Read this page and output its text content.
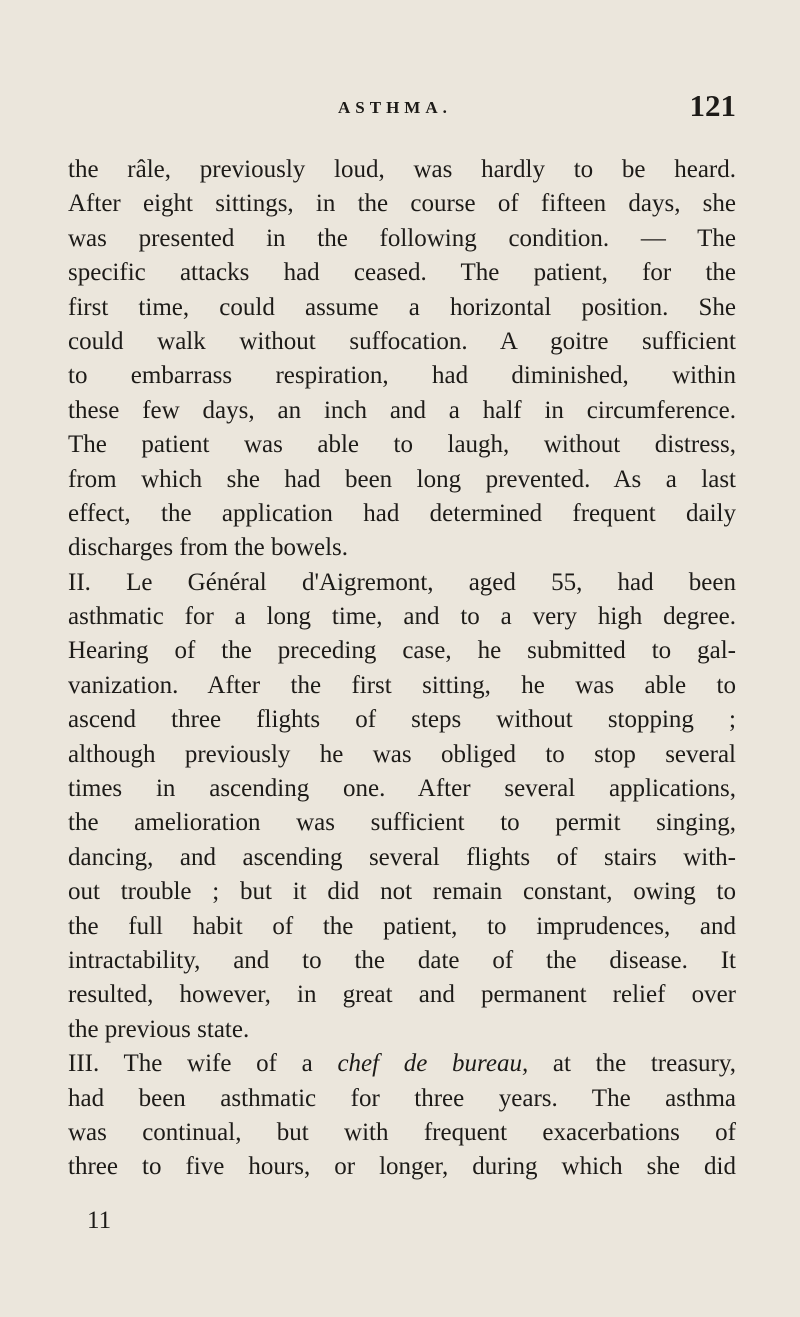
ASTHMA.	121
the râle, previously loud, was hardly to be heard.
After eight sittings, in the course of fifteen days, she
was presented in the following condition. — The
specific attacks had ceased. The patient, for the
first time, could assume a horizontal position. She
could walk without suffocation. A goitre sufficient
to embarrass respiration, had diminished, within
these few days, an inch and a half in circumference.
The patient was able to laugh, without distress,
from which she had been long prevented. As a last
effect, the application had determined frequent daily
discharges from the bowels.
II. Le Général d'Aigremont, aged 55, had been
asthmatic for a long time, and to a very high degree.
Hearing of the preceding case, he submitted to gal-
vanization. After the first sitting, he was able to
ascend three flights of steps without stopping ;
although previously he was obliged to stop several
times in ascending one. After several applications,
the amelioration was sufficient to permit singing,
dancing, and ascending several flights of stairs with-
out trouble ; but it did not remain constant, owing to
the full habit of the patient, to imprudences, and
intractability, and to the date of the disease. It
resulted, however, in great and permanent relief over
the previous state.
III. The wife of a chef de bureau, at the treasury,
had been asthmatic for three years. The asthma
was continual, but with frequent exacerbations of
three to five hours, or longer, during which she did
11
